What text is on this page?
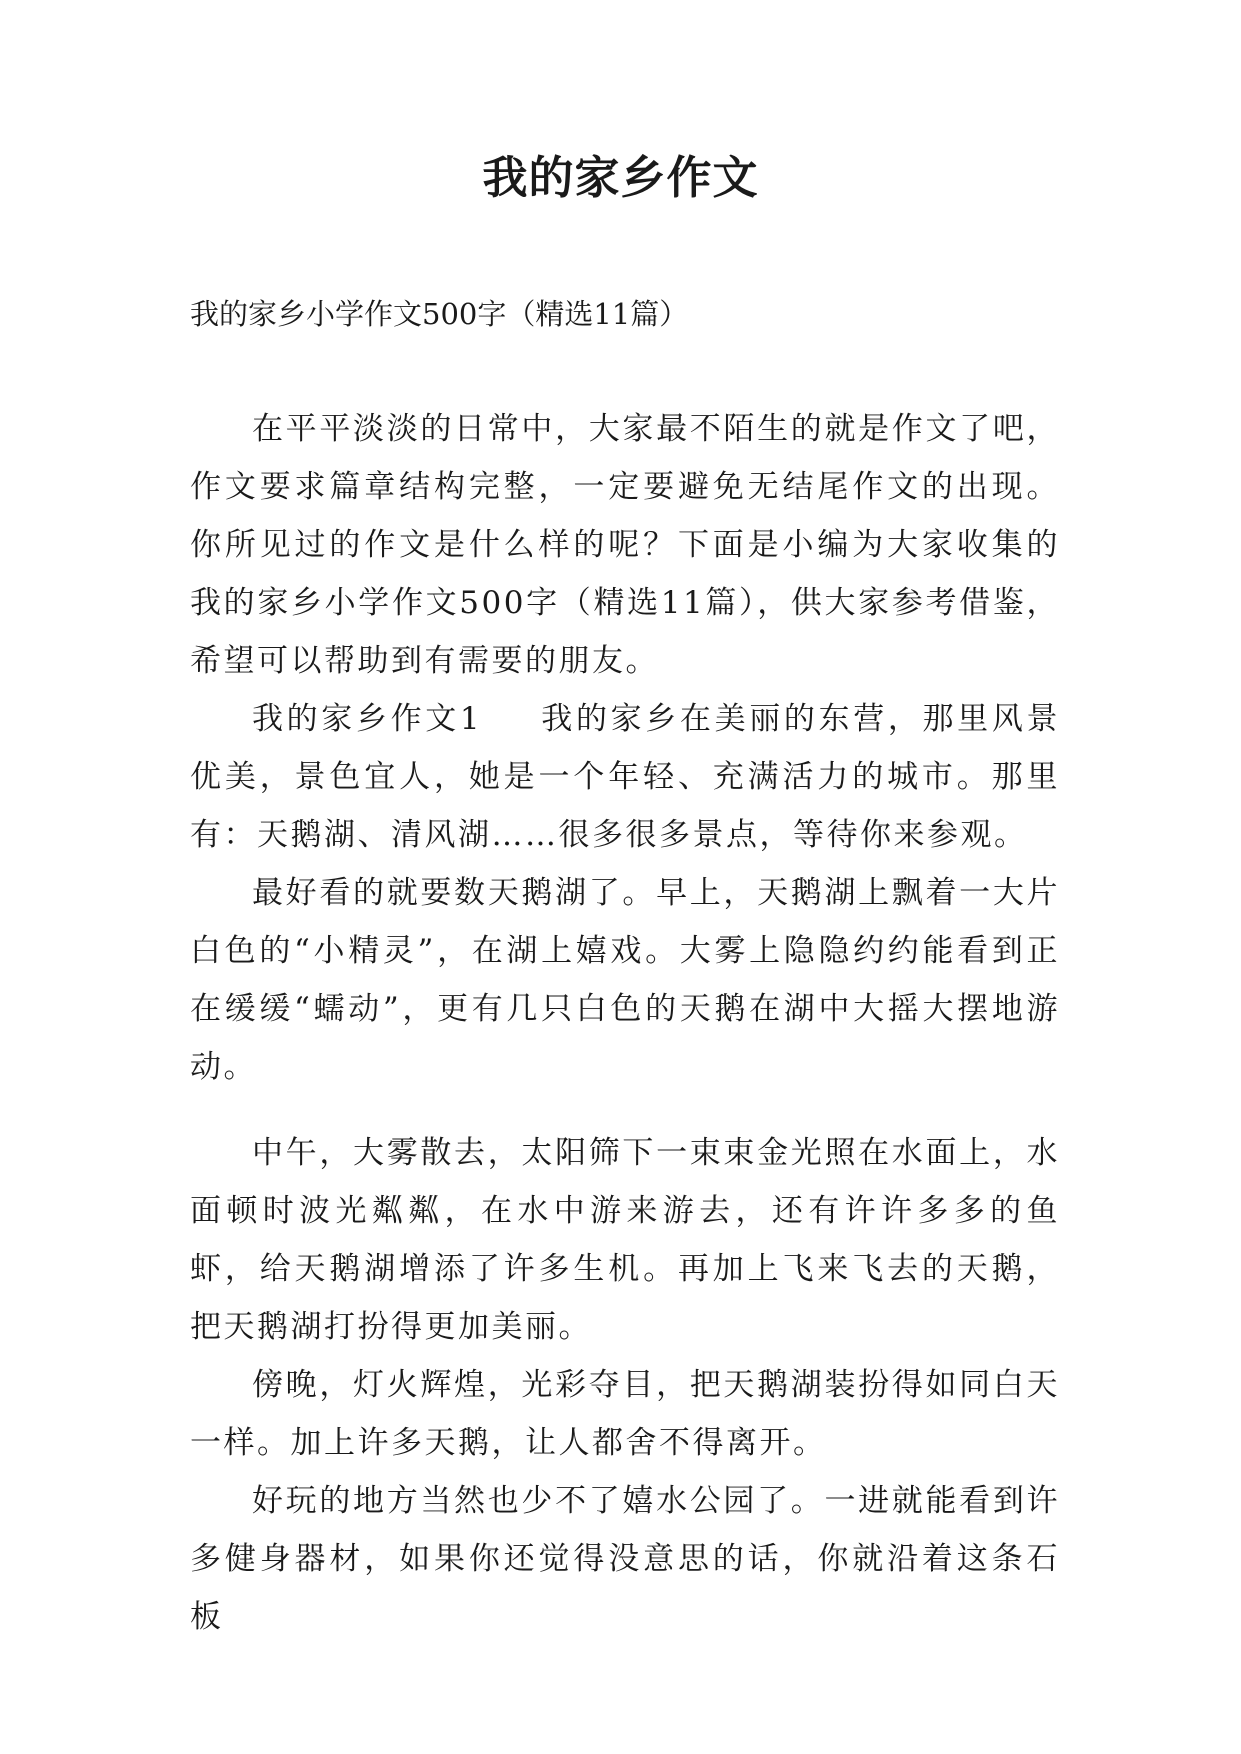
我的家乡作文

我的家乡小学作文500字（精选11篇）

在平平淡淡的日常中，大家最不陌生的就是作文了吧，作文要求篇章结构完整，一定要避免无结尾作文的出现。你所见过的作文是什么样的呢？下面是小编为大家收集的我的家乡小学作文500字（精选11篇），供大家参考借鉴，希望可以帮助到有需要的朋友。

我的家乡作文1 我的家乡在美丽的东营，那里风景优美，景色宜人，她是一个年轻、充满活力的城市。那里有：天鹅湖、清风湖……很多很多景点，等待你来参观。

最好看的就要数天鹅湖了。早上，天鹅湖上飘着一大片白色的“小精灵”，在湖上嬉戏。大雾上隐隐约约能看到正在缓缓“蠕动”，更有几只白色的天鹅在湖中大摇大摆地游动。

中午，大雾散去，太阳筛下一束束金光照在水面上，水面顿时波光粼粼，在水中游来游去，还有许许多多的鱼虾，给天鹅湖增添了许多生机。再加上飞来飞去的天鹅，把天鹅湖打扮得更加美丽。

傍晚，灯火辉煌，光彩夺目，把天鹅湖装扮得如同白天一样。加上许多天鹅，让人都舍不得离开。

好玩的地方当然也少不了嬉水公园了。一进就能看到许多健身器材，如果你还觉得没意思的话，你就沿着这条石板
